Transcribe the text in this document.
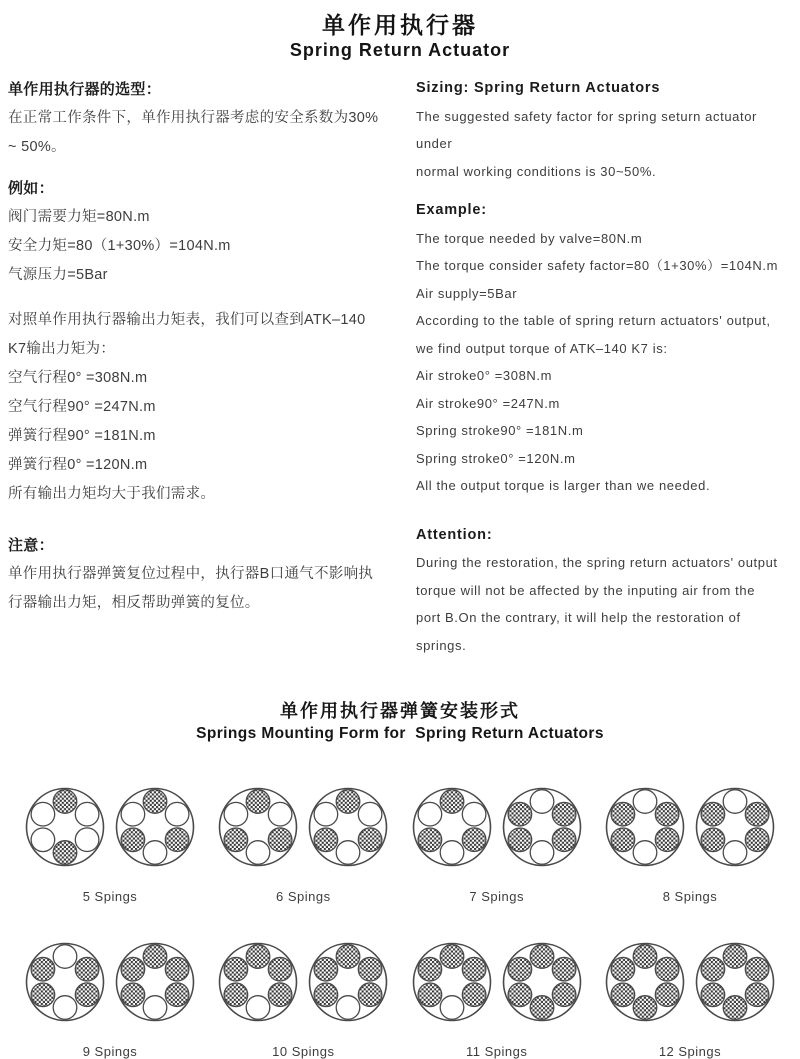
单作用执行器
Spring Return Actuator

单作用执行器的选型：

在正常工作条件下，单作用执行器考虑的安全系数为30%

~ 50%。

例如：

阀门需要力矩=80N.m

安全力矩=80（1+30%）=104N.m

气源压力=5Bar

对照单作用执行器输出力矩表，我们可以查到ATK–140

K7输出力矩为：

空气行程0° =308N.m

空气行程90° =247N.m

弹簧行程90° =181N.m

弹簧行程0° =120N.m

所有输出力矩均大于我们需求。

注意：

单作用执行器弹簧复位过程中，执行器B口通气不影响执

行器输出力矩，相反帮助弹簧的复位。

Sizing: Spring Return Actuators

The suggested safety factor for spring seturn actuator under

normal working conditions is 30~50%.

Example:

The torque needed by valve=80N.m

The torque consider safety factor=80（1+30%）=104N.m

Air supply=5Bar

According to the table of spring return actuators' output,

we find output torque of ATK–140 K7 is:

Air stroke0° =308N.m

Air stroke90° =247N.m

Spring stroke90° =181N.m

Spring stroke0° =120N.m

All the output torque is larger than we needed.

Attention:

During the restoration, the spring return actuators' output

torque will not be affected by the inputing air from the

port B.On the contrary, it will help the restoration of springs.

单作用执行器弹簧安装形式
Springs Mounting Form for  Spring Return Actuators
5 Spings	6 Spings	7 Spings	8 Spings
9 Spings	10 Spings	11 Spings	12 Spings
